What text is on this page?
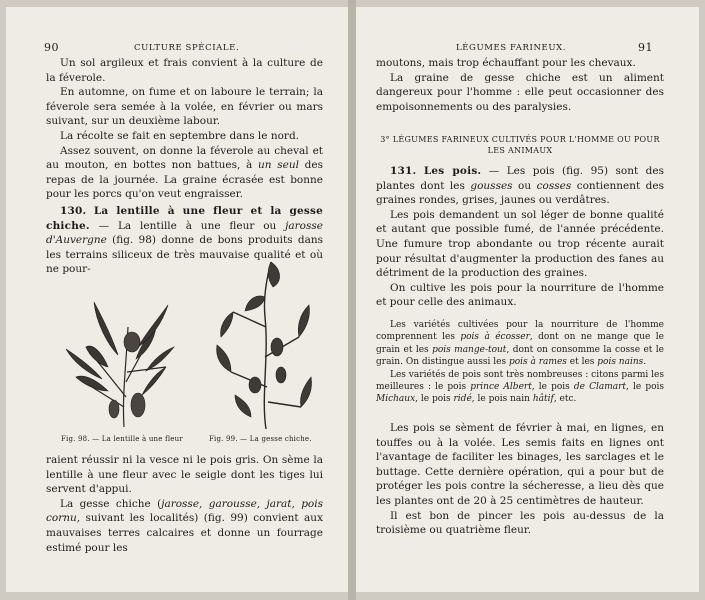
90	CULTURE SPÉCIALE.

Un sol argileux et frais convient à la culture de la féverole.

En automne, on fume et on laboure le terrain; la féverole sera semée à la volée, en février ou mars suivant, sur un deuxième labour.

La récolte se fait en septembre dans le nord.

Assez souvent, on donne la féverole au cheval et au mouton, en bottes non battues, à un seul des repas de la journée. La graine écrasée est bonne pour les porcs qu'on veut engraisser.

130. La lentille à une fleur et la gesse chiche. — La lentille à une fleur ou jarosse d'Auvergne (fig. 98) donne de bons produits dans les terrains siliceux de très mauvaise qualité et où ne pour-

Fig. 98. — La lentille à une fleur	Fig. 99. — La gesse chiche.

raient réussir ni la vesce ni le pois gris. On sème la lentille à une fleur avec le seigle dont les tiges lui servent d'appui.

La gesse chiche (jarosse, garousse, jarat, pois cornu, suivant les localités) (fig. 99) convient aux mauvaises terres calcaires et donne un fourrage estimé pour les

LÉGUMES FARINEUX.	91

moutons, mais trop échauffant pour les chevaux.

La graine de gesse chiche est un aliment dangereux pour l'homme : elle peut occasionner des empoisonnements ou des paralysies.

3° LÉGUMES FARINEUX CULTIVÉS POUR L'HOMME OU POUR LES ANIMAUX

131. Les pois. — Les pois (fig. 95) sont des plantes dont les gousses ou cosses contiennent des graines rondes, grises, jaunes ou verdâtres.

Les pois demandent un sol léger de bonne qualité et autant que possible fumé, de l'année précédente. Une fumure trop abondante ou trop récente aurait pour résultat d'augmenter la production des fanes au détriment de la production des graines.

On cultive les pois pour la nourriture de l'homme et pour celle des animaux.

Les variétés cultivées pour la nourriture de l'homme comprennent les pois à écosser, dont on ne mange que le grain et les pois mange-tout, dont on consomme la cosse et le grain. On distingue aussi les pois à rames et les pois nains.

Les variétés de pois sont très nombreuses : citons parmi les meilleures : le pois prince Albert, le pois de Clamart, le pois Michaux, le pois ridé, le pois nain hâtif, etc.

Les pois se sèment de février à mai, en lignes, en touffes ou à la volée. Les semis faits en lignes ont l'avantage de faciliter les binages, les sarclages et le buttage. Cette dernière opération, qui a pour but de protéger les pois contre la sécheresse, a lieu dès que les plantes ont de 20 à 25 centimètres de hauteur.

Il est bon de pincer les pois au-dessus de la troisième ou quatrième fleur.
